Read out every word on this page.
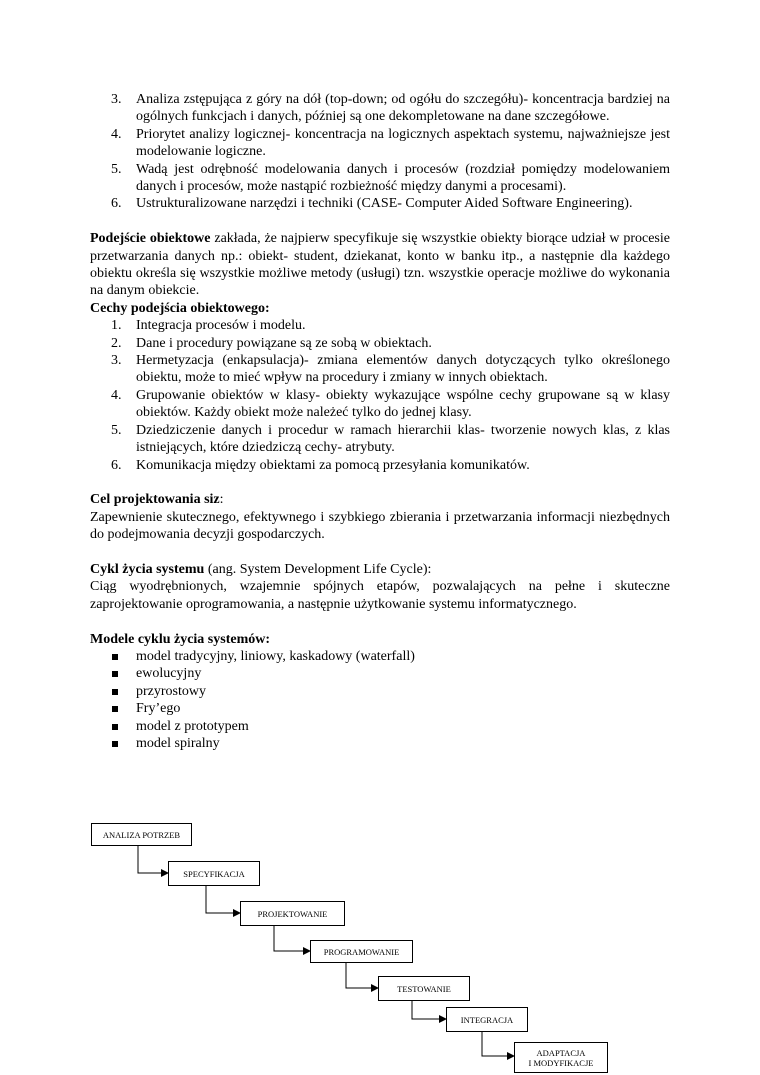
3. Analiza zstępująca z góry na dół (top-down; od ogółu do szczegółu)- koncentracja bardziej na ogólnych funkcjach i danych, później są one dekompletowane na dane szczegółowe.
4. Priorytet analizy logicznej- koncentracja na logicznych aspektach systemu, najważniejsze jest modelowanie logiczne.
5. Wadą jest odrębność modelowania danych i procesów (rozdział pomiędzy modelowaniem danych i procesów, może nastąpić rozbieżność między danymi a procesami).
6. Ustrukturalizowane narzędzi i techniki (CASE- Computer Aided Software Engineering).

Podejście obiektowe zakłada, że najpierw specyfikuje się wszystkie obiekty biorące udział w procesie przetwarzania danych np.: obiekt- student, dziekanat, konto w banku itp., a następnie dla każdego obiektu określa się wszystkie możliwe metody (usługi) tzn. wszystkie operacje możliwe do wykonania na danym obiekcie.

Cechy podejścia obiektowego:

1. Integracja procesów i modelu.
2. Dane i procedury powiązane są ze sobą w obiektach.
3. Hermetyzacja (enkapsulacja)- zmiana elementów danych dotyczących tylko określonego obiektu, może to mieć wpływ na procedury i zmiany w innych obiektach.
4. Grupowanie obiektów w klasy- obiekty wykazujące wspólne cechy grupowane są w klasy obiektów. Każdy obiekt może należeć tylko do jednej klasy.
5. Dziedziczenie danych i procedur w ramach hierarchii klas- tworzenie nowych klas, z klas istniejących, które dziedziczą cechy- atrybuty.
6. Komunikacja między obiektami za pomocą przesyłania komunikatów.

Cel projektowania siz:

Zapewnienie skutecznego, efektywnego i szybkiego zbierania i przetwarzania informacji niezbędnych do podejmowania decyzji gospodarczych.

Cykl życia systemu (ang. System Development Life Cycle):

Ciąg wyodrębnionych, wzajemnie spójnych etapów, pozwalających na pełne i skuteczne zaprojektowanie oprogramowania, a następnie użytkowanie systemu informatycznego.

Modele cyklu życia systemów:

model tradycyjny, liniowy, kaskadowy (waterfall)
ewolucyjny
przyrostowy
Fry’ego
model z prototypem
model spiralny
ANALIZA POTRZEB
SPECYFIKACJA
PROJEKTOWANIE
PROGRAMOWANIE
TESTOWANIE
INTEGRACJA
ADAPTACJA
I MODYFIKACJE
